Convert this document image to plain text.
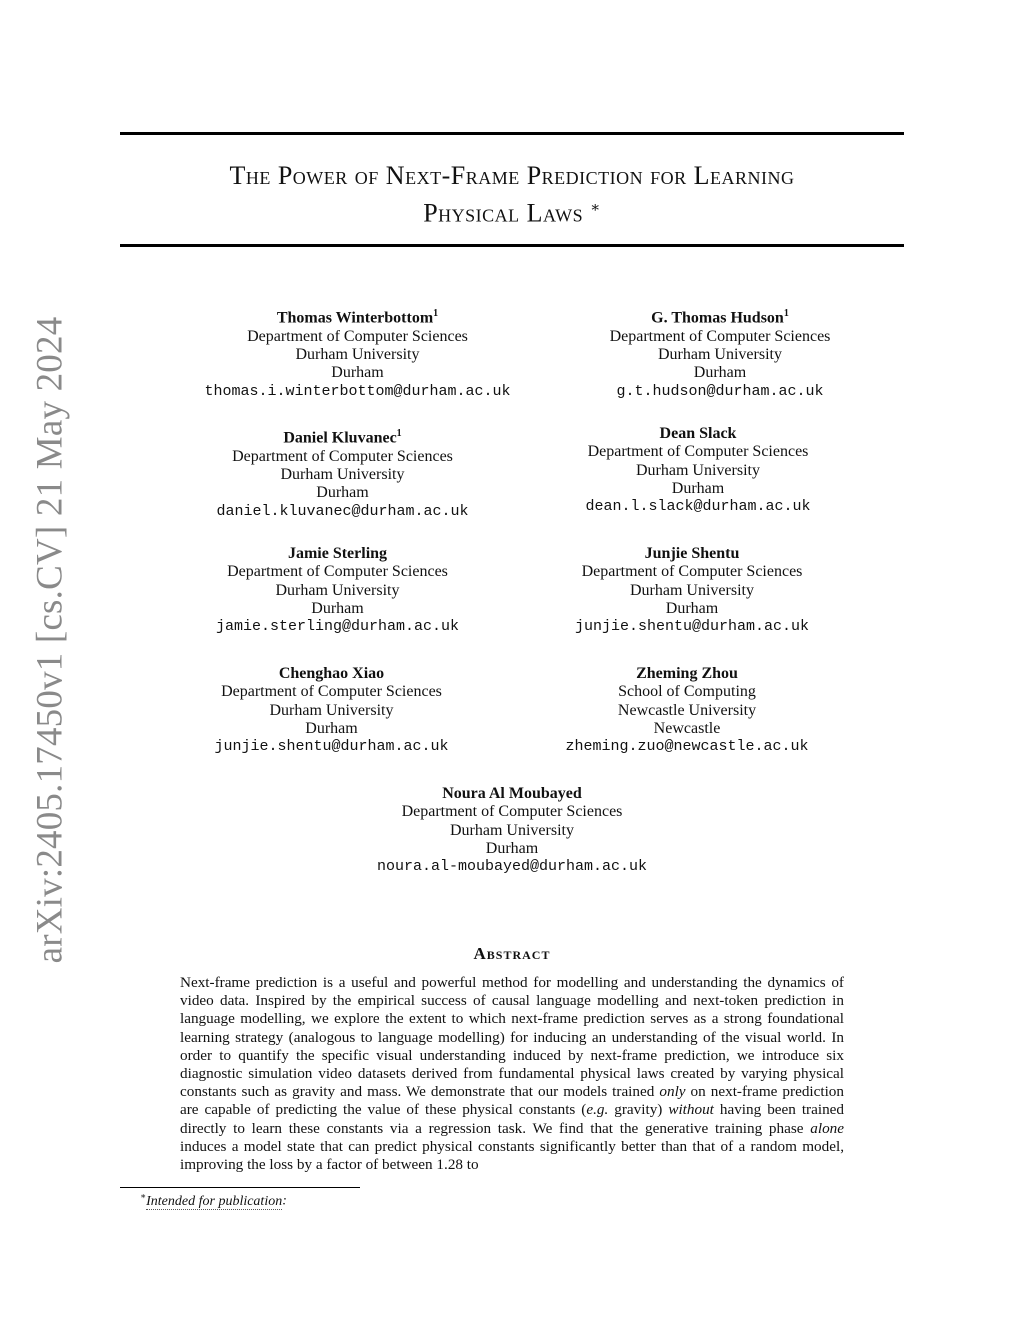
arXiv:2405.17450v1 [cs.CV] 21 May 2024
The Power of Next-Frame Prediction for Learning
Physical Laws ∗
Thomas Winterbottom$^1$
Department of Computer Sciences
Durham University
Durham
thomas.i.winterbottom@durham.ac.uk
G. Thomas Hudson$^1$
Department of Computer Sciences
Durham University
Durham
g.t.hudson@durham.ac.uk
Daniel Kluvanec$^1$
Department of Computer Sciences
Durham University
Durham
daniel.kluvanec@durham.ac.uk
Dean Slack
Department of Computer Sciences
Durham University
Durham
dean.l.slack@durham.ac.uk
Jamie Sterling
Department of Computer Sciences
Durham University
Durham
jamie.sterling@durham.ac.uk
Junjie Shentu
Department of Computer Sciences
Durham University
Durham
junjie.shentu@durham.ac.uk
Chenghao Xiao
Department of Computer Sciences
Durham University
Durham
junjie.shentu@durham.ac.uk
Zheming Zhou
School of Computing
Newcastle University
Newcastle
zheming.zuo@newcastle.ac.uk
Noura Al Moubayed
Department of Computer Sciences
Durham University
Durham
noura.al-moubayed@durham.ac.uk
Abstract
Next-frame prediction is a useful and powerful method for modelling and understanding the dynamics of video data. Inspired by the empirical success of causal language modelling and next-token prediction in language modelling, we explore the extent to which next-frame prediction serves as a strong foundational learning strategy (analogous to language modelling) for inducing an understanding of the visual world. In order to quantify the specific visual understanding induced by next-frame prediction, we introduce six diagnostic simulation video datasets derived from fundamental physical laws created by varying physical constants such as gravity and mass. We demonstrate that our models trained only on next-frame prediction are capable of predicting the value of these physical constants (e.g. gravity) without having been trained directly to learn these constants via a regression task. We find that the generative training phase alone induces a model state that can predict physical constants significantly better than that of a random model, improving the loss by a factor of between 1.28 to
∗Intended for publication:
